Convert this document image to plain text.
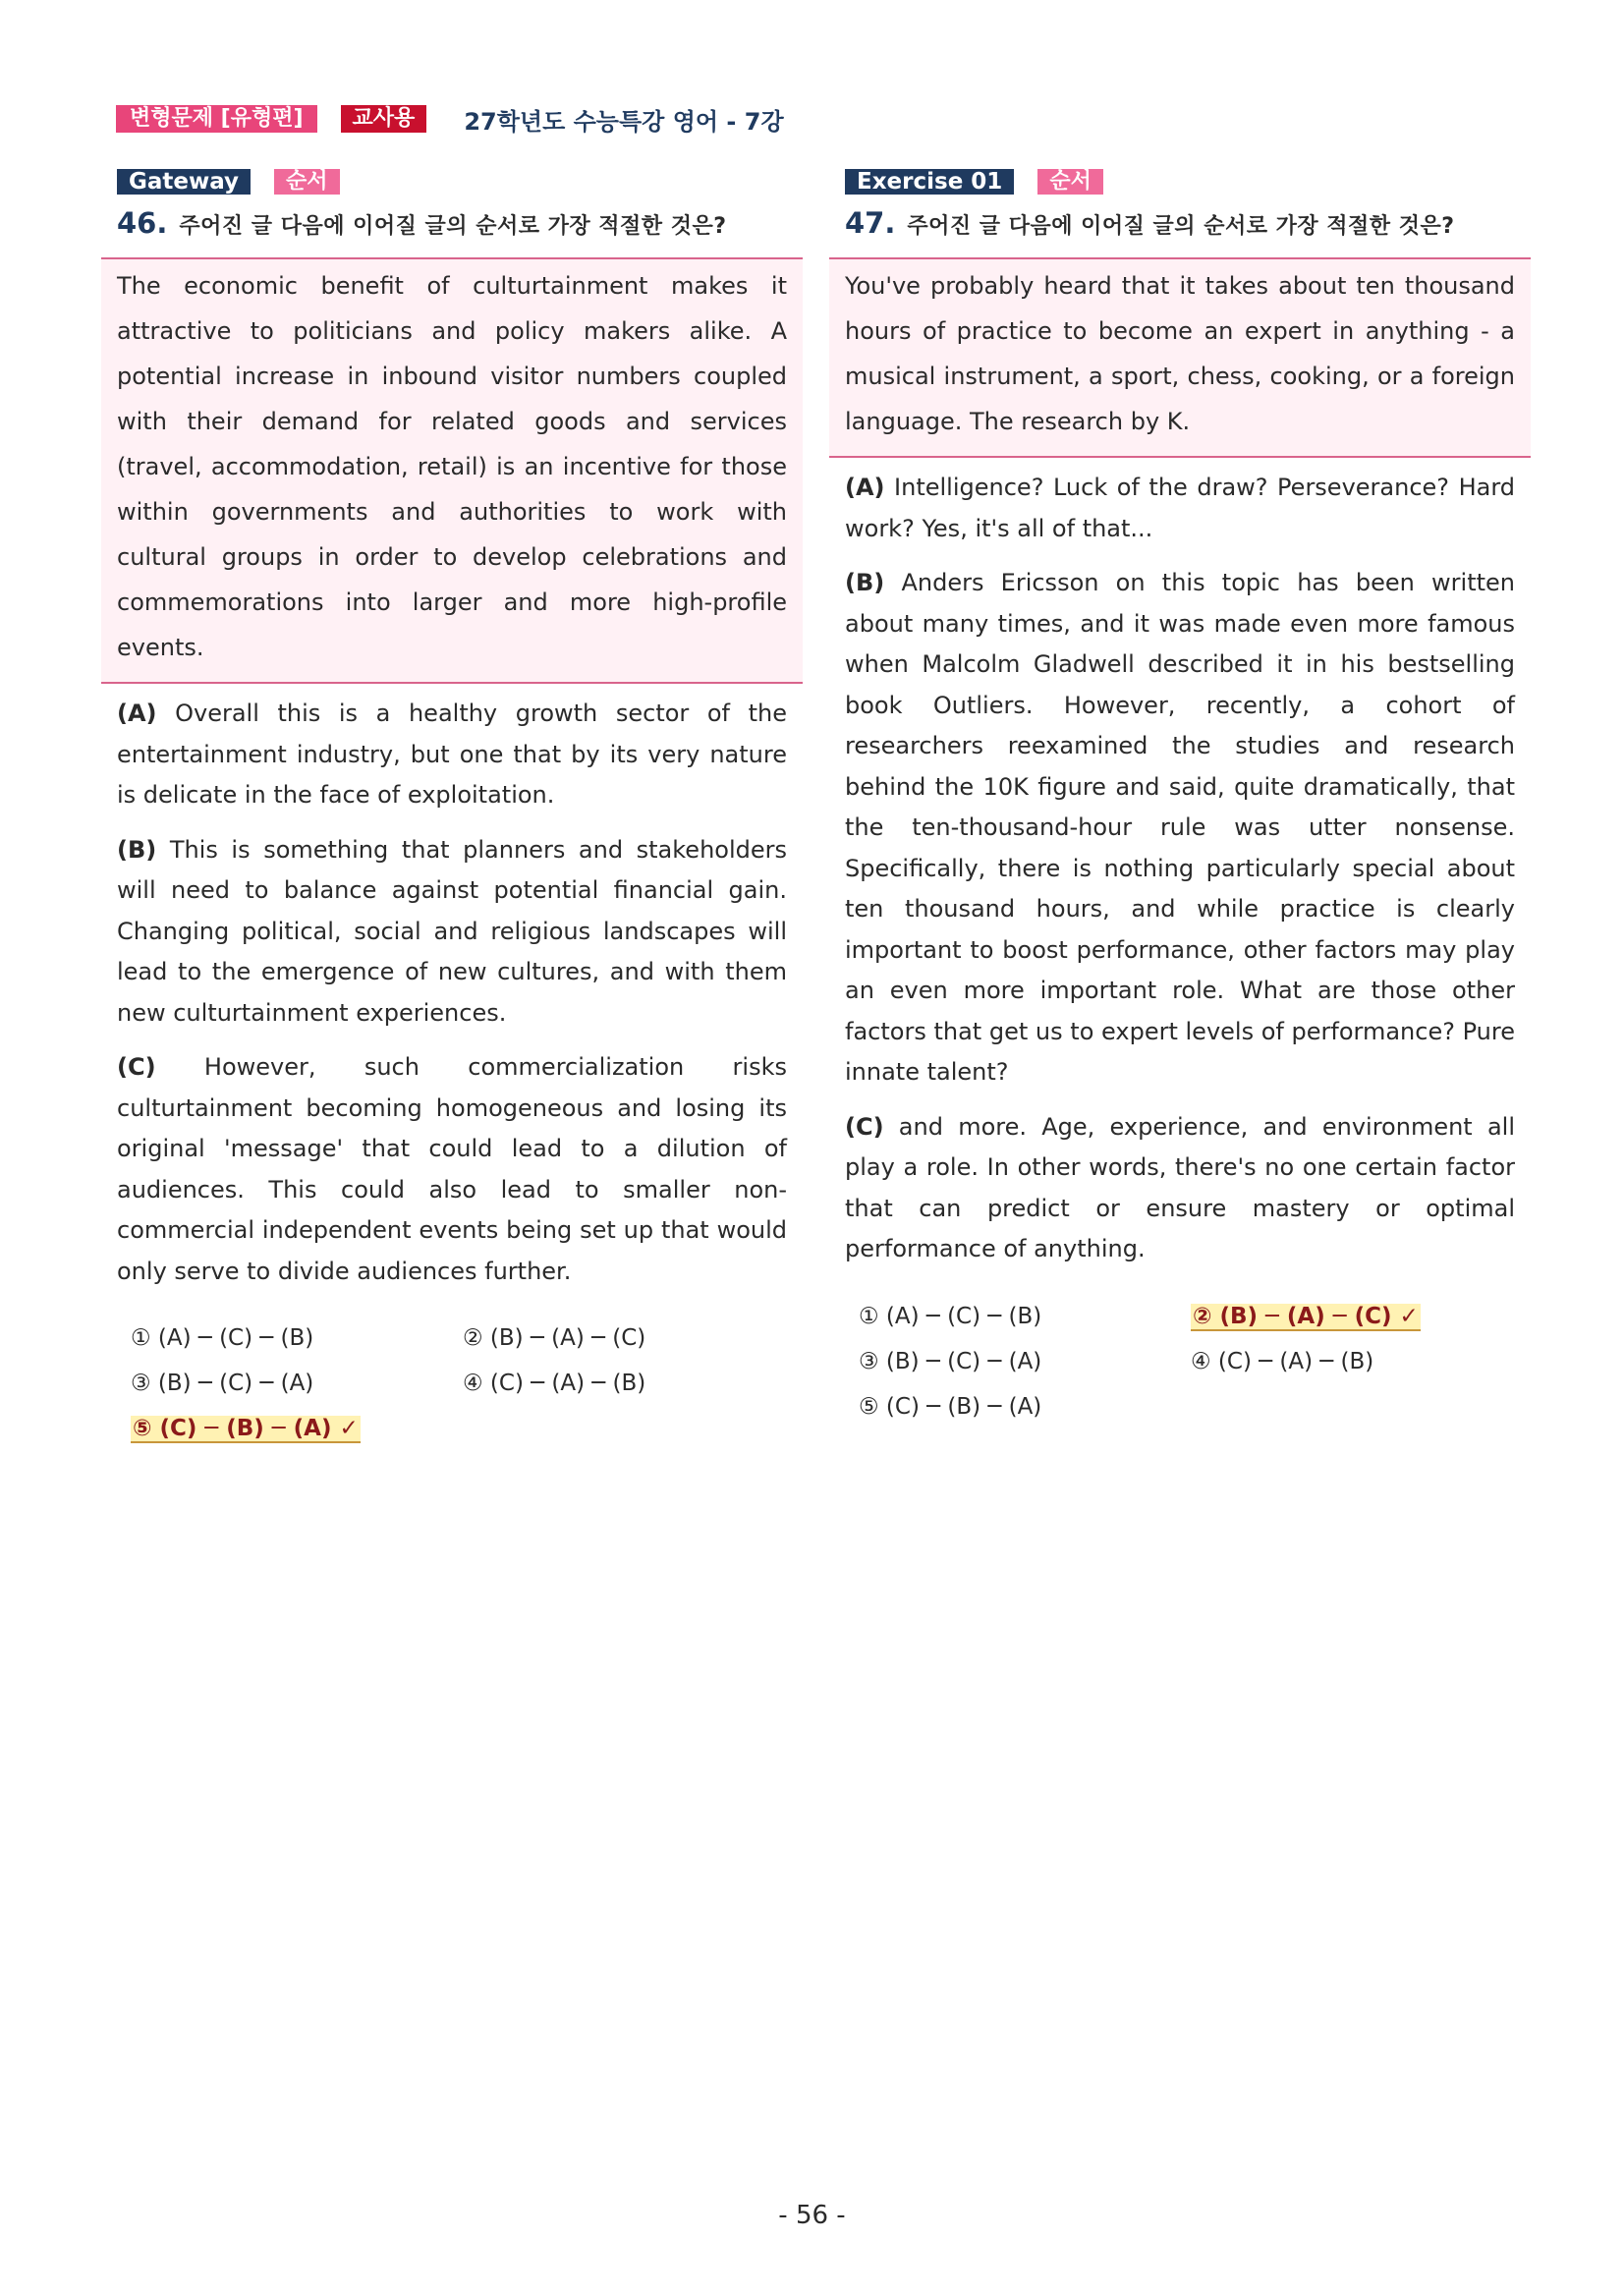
변형문제 [유형편]	교사용	27학년도 수능특강 영어 - 7강
Gateway	순서
46. 주어진 글 다음에 이어질 글의 순서로 가장 적절한 것은?
The economic benefit of culturtainment makes it attractive to politicians and policy makers alike. A potential increase in inbound visitor numbers coupled with their demand for related goods and services (travel, accommodation, retail) is an incentive for those within governments and authorities to work with cultural groups in order to develop celebrations and commemorations into larger and more high-profile events.
(A) Overall this is a healthy growth sector of the entertainment industry, but one that by its very nature is delicate in the face of exploitation.
(B) This is something that planners and stakeholders will need to balance against potential financial gain. Changing political, social and religious landscapes will lead to the emergence of new cultures, and with them new culturtainment experiences.
(C) However, such commercialization risks culturtainment becoming homogeneous and losing its original 'message' that could lead to a dilution of audiences. This could also lead to smaller non-commercial independent events being set up that would only serve to divide audiences further.
① (A) ─ (C) ─ (B)	② (B) ─ (A) ─ (C)
③ (B) ─ (C) ─ (A)	④ (C) ─ (A) ─ (B)
⑤ (C) ─ (B) ─ (A) ✓
Exercise 01	순서
47. 주어진 글 다음에 이어질 글의 순서로 가장 적절한 것은?
You've probably heard that it takes about ten thousand hours of practice to become an expert in anything - a musical instrument, a sport, chess, cooking, or a foreign language. The research by K.
(A) Intelligence? Luck of the draw? Perseverance? Hard work? Yes, it's all of that...
(B) Anders Ericsson on this topic has been written about many times, and it was made even more famous when Malcolm Gladwell described it in his bestselling book Outliers. However, recently, a cohort of researchers reexamined the studies and research behind the 10K figure and said, quite dramatically, that the ten-thousand-hour rule was utter nonsense. Specifically, there is nothing particularly special about ten thousand hours, and while practice is clearly important to boost performance, other factors may play an even more important role. What are those other factors that get us to expert levels of performance? Pure innate talent?
(C) and more. Age, experience, and environment all play a role. In other words, there's no one certain factor that can predict or ensure mastery or optimal performance of anything.
① (A) ─ (C) ─ (B)	② (B) ─ (A) ─ (C) ✓
③ (B) ─ (C) ─ (A)	④ (C) ─ (A) ─ (B)
⑤ (C) ─ (B) ─ (A)
- 56 -
